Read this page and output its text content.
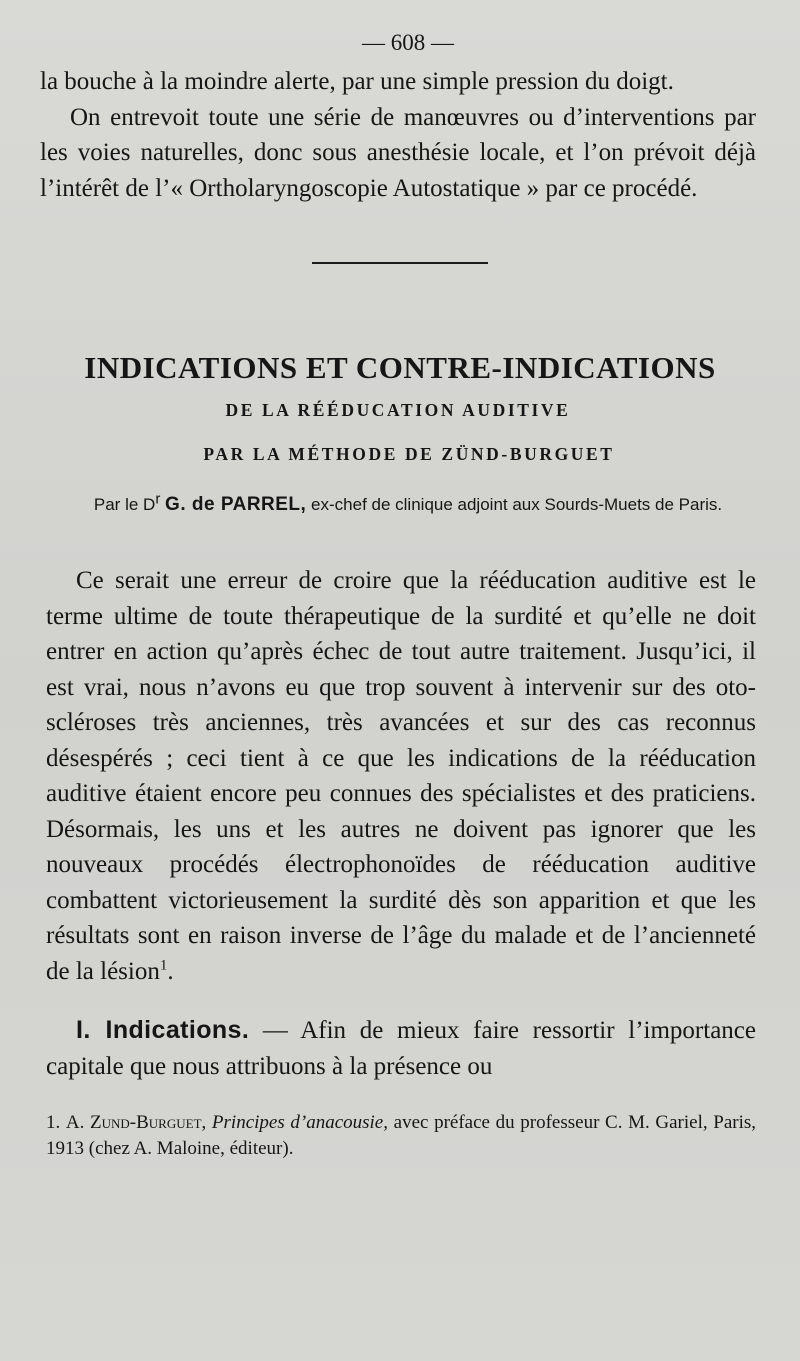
— 608 —

la bouche à la moindre alerte, par une simple pression du doigt.

On entrevoit toute une série de manœuvres ou d’interventions par les voies naturelles, donc sous anesthésie locale, et l’on prévoit déjà l’intérêt de l’« Ortholaryngoscopie Autostatique » par ce procédé.

INDICATIONS ET CONTRE-INDICATIONS
DE LA RÉÉDUCATION AUDITIVE
PAR LA MÉTHODE DE ZÜND-BURGUET
Par le $D^r$ G. de PARREL, ex-chef de clinique adjoint aux Sourds-Muets de Paris.

Ce serait une erreur de croire que la rééducation auditive est le terme ultime de toute thérapeutique de la surdité et qu’elle ne doit entrer en action qu’après échec de tout autre traitement. Jusqu’ici, il est vrai, nous n’avons eu que trop souvent à intervenir sur des oto-scléroses très anciennes, très avancées et sur des cas reconnus désespérés ; ceci tient à ce que les indications de la rééducation auditive étaient encore peu connues des spécialistes et des praticiens. Désormais, les uns et les autres ne doivent pas ignorer que les nouveaux procédés électrophonoïdes de rééducation auditive combattent victorieusement la surdité dès son apparition et que les résultats sont en raison inverse de l’âge du malade et de l’ancienneté de la lésion$^1$.

I. Indications. — Afin de mieux faire ressortir l’importance capitale que nous attribuons à la présence ou

1. A. Zund-Burguet, Principes d’anacousie, avec préface du professeur C. M. Gariel, Paris, 1913 (chez A. Maloine, éditeur).
